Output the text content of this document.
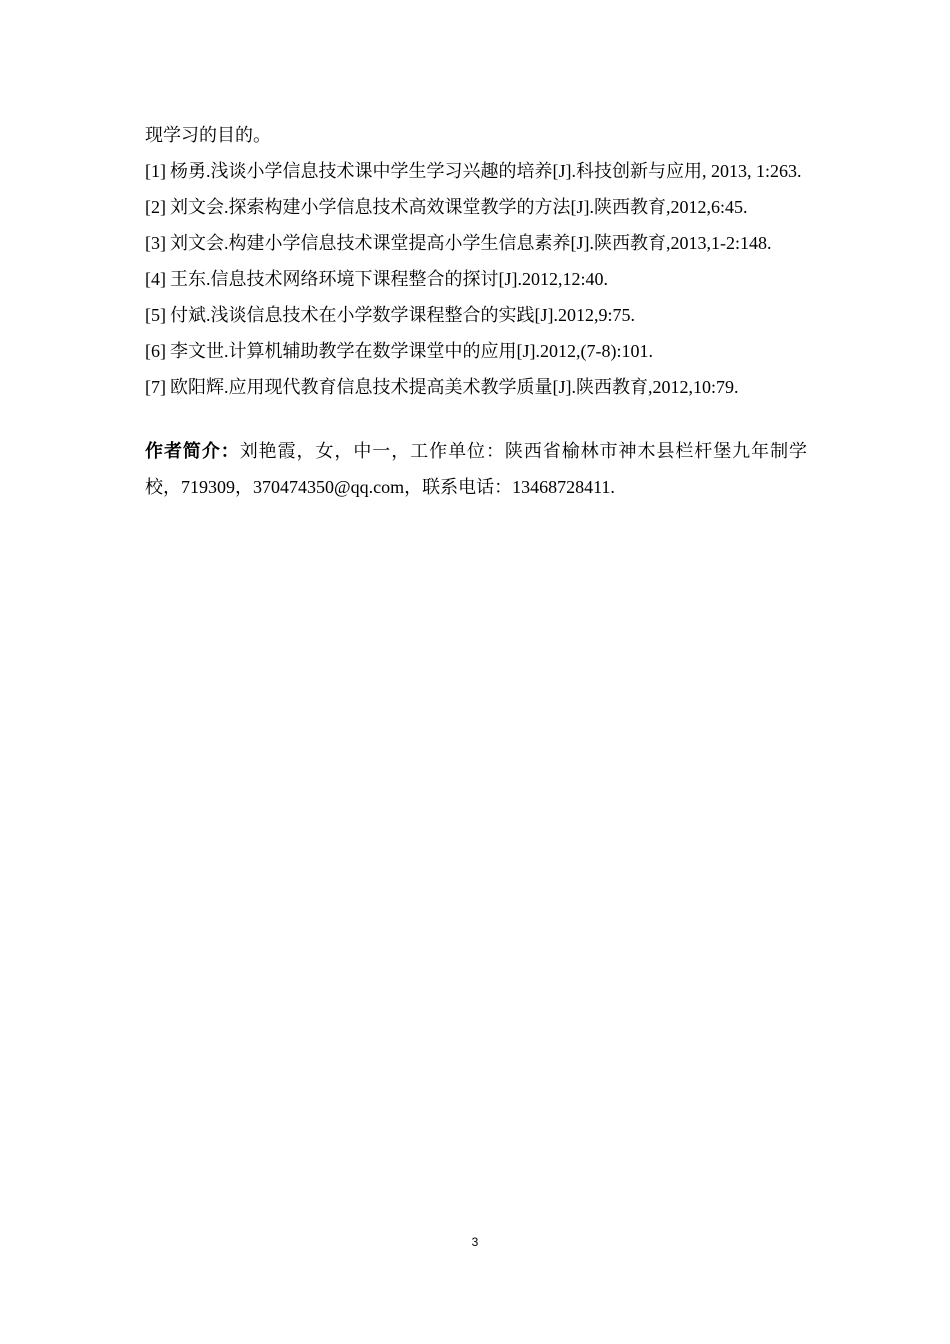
现学习的目的。

[1] 杨勇.浅谈小学信息技术课中学生学习兴趣的培养[J].科技创新与应用, 2013, 1:263.
[2] 刘文会.探索构建小学信息技术高效课堂教学的方法[J].陕西教育,2012,6:45.
[3] 刘文会.构建小学信息技术课堂提高小学生信息素养[J].陕西教育,2013,1-2:148.
[4] 王东.信息技术网络环境下课程整合的探讨[J].2012,12:40.
[5] 付斌.浅谈信息技术在小学数学课程整合的实践[J].2012,9:75.
[6] 李文世.计算机辅助教学在数学课堂中的应用[J].2012,(7-8):101.
[7] 欧阳辉.应用现代教育信息技术提高美术教学质量[J].陕西教育,2012,10:79.

作者简介：刘艳霞，女，中一，工作单位：陕西省榆林市神木县栏杆堡九年制学校，719309，370474350@qq.com，联系电话：13468728411.

3
